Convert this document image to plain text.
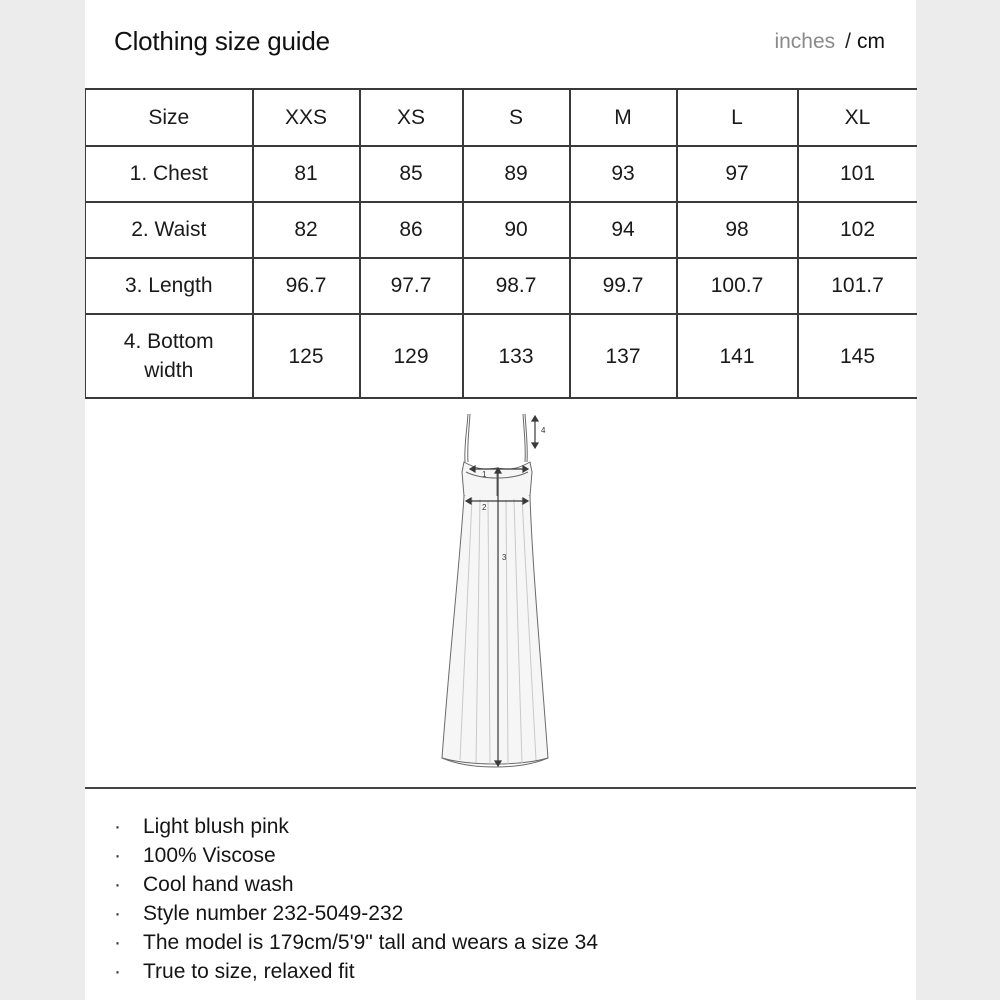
Clothing size guide	inches / cm
Size	XXS	XS	S	M	L	XL
1. Chest	81	85	89	93	97	101
2. Waist	82	86	90	94	98	102
3. Length	96.7	97.7	98.7	99.7	100.7	101.7
4. Bottom
width	125	129	133	137	141	145
1
2
3
4
· Light blush pink
· 100% Viscose
· Cool hand wash
· Style number 232-5049-232
· The model is 179cm/5'9" tall and wears a size 34
· True to size, relaxed fit
